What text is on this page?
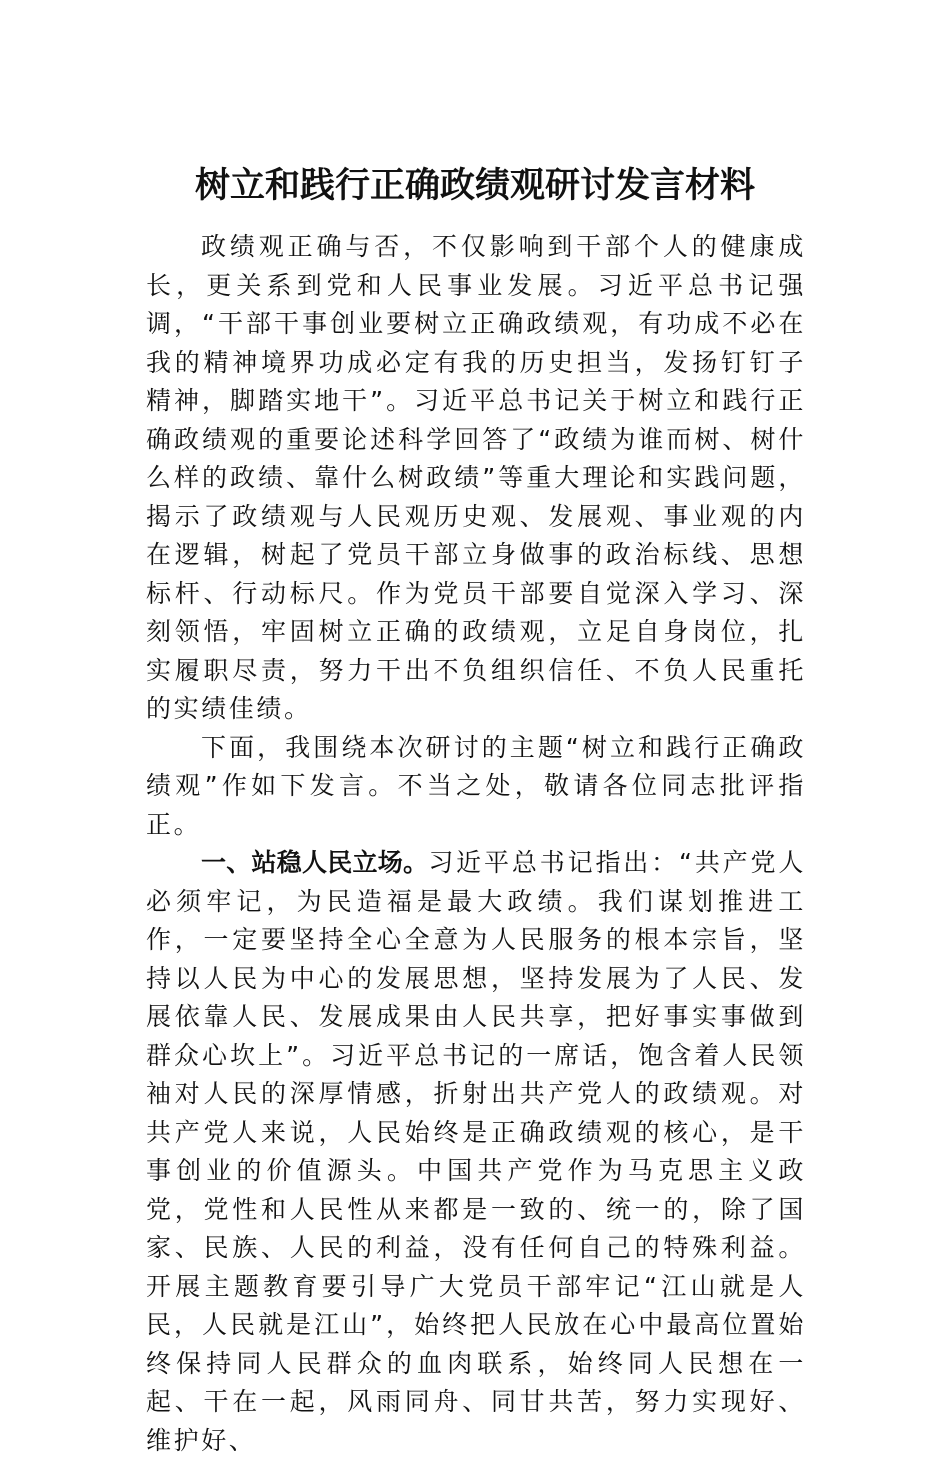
树立和践行正确政绩观研讨发言材料

政绩观正确与否，不仅影响到干部个人的健康成长，更关系到党和人民事业发展。习近平总书记强调，“干部干事创业要树立正确政绩观，有功成不必在我的精神境界功成必定有我的历史担当，发扬钉钉子精神，脚踏实地干”。习近平总书记关于树立和践行正确政绩观的重要论述科学回答了“政绩为谁而树、树什么样的政绩、靠什么树政绩”等重大理论和实践问题，揭示了政绩观与人民观历史观、发展观、事业观的内在逻辑，树起了党员干部立身做事的政治标线、思想标杆、行动标尺。作为党员干部要自觉深入学习、深刻领悟，牢固树立正确的政绩观，立足自身岗位，扎实履职尽责，努力干出不负组织信任、不负人民重托的实绩佳绩。

下面，我围绕本次研讨的主题“树立和践行正确政绩观”作如下发言。不当之处，敬请各位同志批评指正。

一、站稳人民立场。习近平总书记指出：“共产党人必须牢记，为民造福是最大政绩。我们谋划推进工作，一定要坚持全心全意为人民服务的根本宗旨，坚持以人民为中心的发展思想，坚持发展为了人民、发展依靠人民、发展成果由人民共享，把好事实事做到群众心坎上”。习近平总书记的一席话，饱含着人民领袖对人民的深厚情感，折射出共产党人的政绩观。对共产党人来说，人民始终是正确政绩观的核心，是干事创业的价值源头。中国共产党作为马克思主义政党，党性和人民性从来都是一致的、统一的，除了国家、民族、人民的利益，没有任何自己的特殊利益。开展主题教育要引导广大党员干部牢记“江山就是人民，人民就是江山”，始终把人民放在心中最高位置始终保持同人民群众的血肉联系，始终同人民想在一起、干在一起，风雨同舟、同甘共苦，努力实现好、维护好、
